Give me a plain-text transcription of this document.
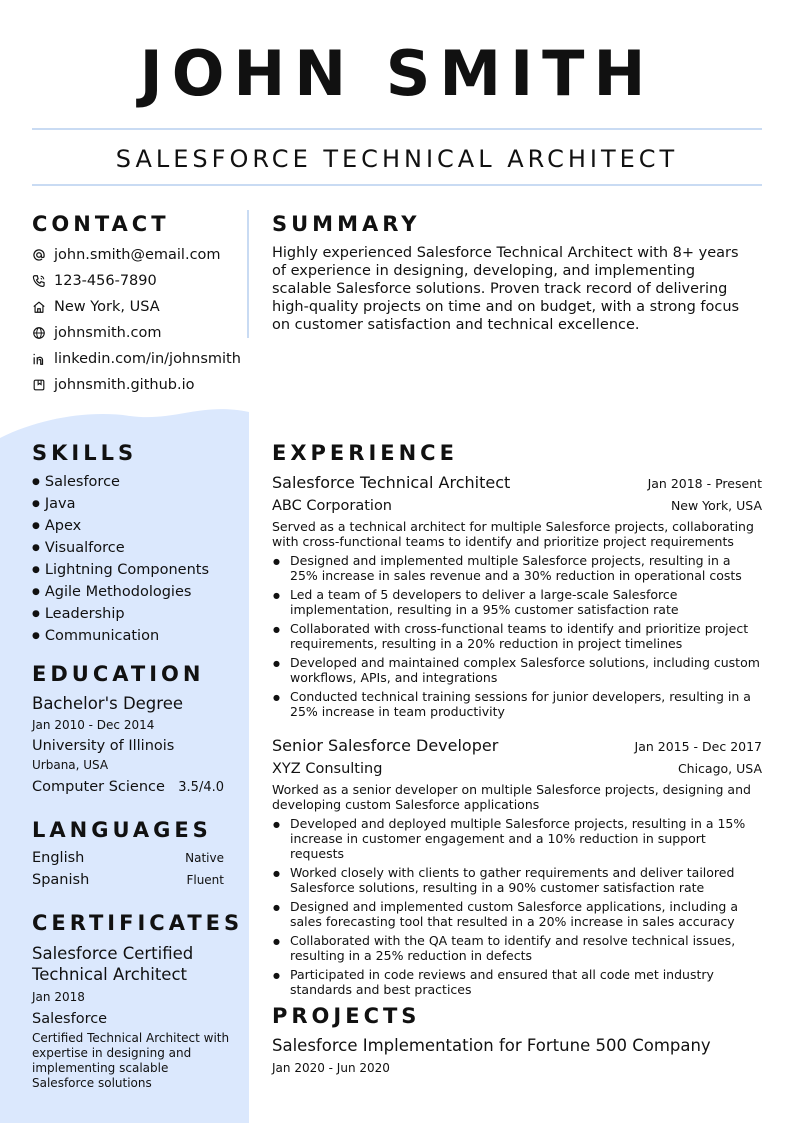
JOHN SMITH
SALESFORCE TECHNICAL ARCHITECT
CONTACT
john.smith@email.com
123-456-7890
New York, USA
johnsmith.com
linkedin.com/in/johnsmith
johnsmith.github.io
SUMMARY
Highly experienced Salesforce Technical Architect with 8+ years of experience in designing, developing, and implementing scalable Salesforce solutions. Proven track record of delivering high-quality projects on time and on budget, with a strong focus on customer satisfaction and technical excellence.
SKILLS
● Salesforce
● Java
● Apex
● Visualforce
● Lightning Components
● Agile Methodologies
● Leadership
● Communication
EDUCATION
Bachelor's Degree
Jan 2010 - Dec 2014
University of Illinois
Urbana, USA
Computer Science 3.5/4.0
LANGUAGES
English	Native
Spanish	Fluent
CERTIFICATES
Salesforce Certified Technical Architect
Jan 2018
Salesforce
Certified Technical Architect with expertise in designing and implementing scalable Salesforce solutions
EXPERIENCE
Salesforce Technical Architect	Jan 2018 - Present
ABC Corporation	New York, USA
Served as a technical architect for multiple Salesforce projects, collaborating with cross-functional teams to identify and prioritize project requirements
● Designed and implemented multiple Salesforce projects, resulting in a 25% increase in sales revenue and a 30% reduction in operational costs
● Led a team of 5 developers to deliver a large-scale Salesforce implementation, resulting in a 95% customer satisfaction rate
● Collaborated with cross-functional teams to identify and prioritize project requirements, resulting in a 20% reduction in project timelines
● Developed and maintained complex Salesforce solutions, including custom workflows, APIs, and integrations
● Conducted technical training sessions for junior developers, resulting in a 25% increase in team productivity
Senior Salesforce Developer	Jan 2015 - Dec 2017
XYZ Consulting	Chicago, USA
Worked as a senior developer on multiple Salesforce projects, designing and developing custom Salesforce applications
● Developed and deployed multiple Salesforce projects, resulting in a 15% increase in customer engagement and a 10% reduction in support requests
● Worked closely with clients to gather requirements and deliver tailored Salesforce solutions, resulting in a 90% customer satisfaction rate
● Designed and implemented custom Salesforce applications, including a sales forecasting tool that resulted in a 20% increase in sales accuracy
● Collaborated with the QA team to identify and resolve technical issues, resulting in a 25% reduction in defects
● Participated in code reviews and ensured that all code met industry standards and best practices
PROJECTS
Salesforce Implementation for Fortune 500 Company
Jan 2020 - Jun 2020
